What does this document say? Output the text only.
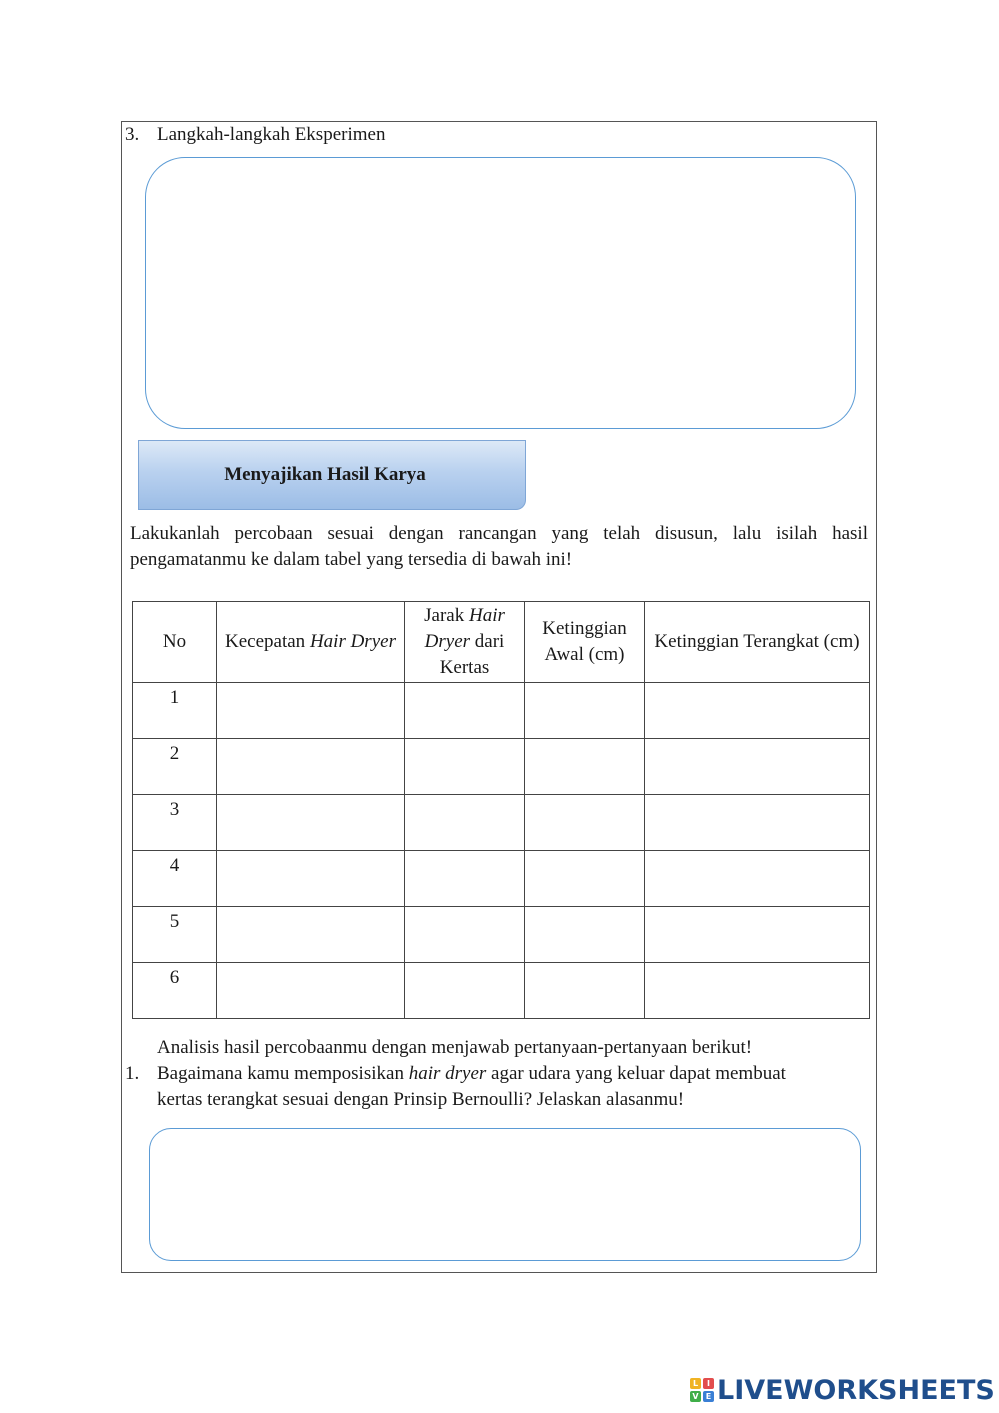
3. Langkah-langkah Eksperimen
Menyajikan Hasil Karya
Lakukanlah percobaan sesuai dengan rancangan yang telah disusun, lalu isilah hasil
pengamatanmu ke dalam tabel yang tersedia di bawah ini!
No	Kecepatan Hair Dryer	Jarak Hair Dryer dari Kertas	Ketinggian Awal (cm)	Ketinggian Terangkat (cm)
1				
2				
3				
4				
5				
6				
Analisis hasil percobaanmu dengan menjawab pertanyaan-pertanyaan berikut!
1. Bagaimana kamu memposisikan hair dryer agar udara yang keluar dapat membuat
kertas terangkat sesuai dengan Prinsip Bernoulli? Jelaskan alasanmu!
L	I
V E LIVEWORKSHEETS
